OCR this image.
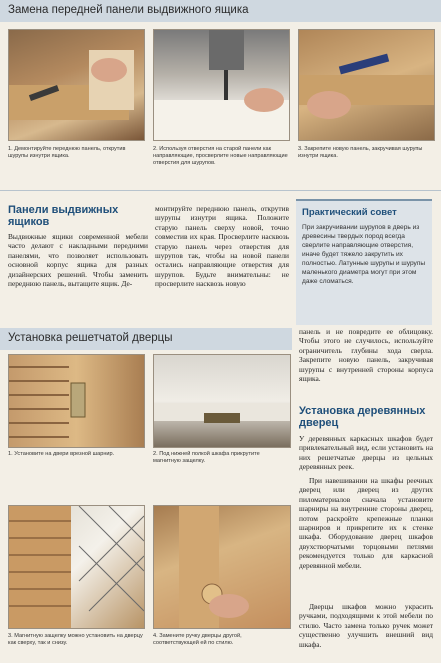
Замена передней панели выдвижного ящика
1. Демонтируйте переднюю панель, открутив шурупы изнутри ящика.
2. Используя отверстия на старой панели как направляющие, просверлите новые направляющие отверстия для шурупов.
3. Закрепите новую панель, закручивая шурупы изнутри ящика.
Панели выдвижных ящиков
Выдвижные ящики современной мебели часто делают с накладными передними панелями, что позволяет использовать основной корпус ящика для разных дизайнерских решений. Чтобы заменить переднюю панель, вытащите ящик. Де-
монтируйте переднюю панель, открутив шурупы изнутри ящика. Положите старую панель сверху новой, точно совместив их края. Просверлите насквозь старую панель через отверстия для шурупов так, чтобы на новой панели остались направляющие отверстия для шурупов. Будьте внимательны: не просверлите насквозь новую
Практический совет
При закручивании шурупов в дверь из древесины твердых пород всегда сверлите направляющие отверстия, иначе будет тяжело закрутить их полностью. Латунные шурупы и шурупы маленького диаметра могут при этом даже сломаться.
Установка решетчатой дверцы
1. Установите на двери врезной шарнир.	2. Под нижней полкой шкафа прикрутите магнитную защелку.
3. Магнитную защелку можно установить на дверцу как сверху, так и снизу.
4. Замените ручку дверцы другой, соответствующей ей по стилю.
панель и не повредите ее облицовку. Чтобы этого не случилось, используйте ограничитель глубины хода сверла. Закрепите новую панель, закручивая шурупы с внутренней стороны корпуса ящика.
Установка деревянных дверец
У деревянных каркасных шкафов будет привлекательный вид, если установить на них решетчатые дверцы из цельных деревянных реек.
При навешивании на шкафы реечных дверец или дверец из других пиломатериалов сначала установите шарниры на внутренние стороны дверец, потом раскройте крепежные планки шарниров и прикрепите их к стенке шкафа. Оборудование дверец шкафов двухстворчатыми торцовыми петлями рекомендуется только для каркасной деревянной мебели.
Дверцы шкафов можно украсить ручками, подходящими к этой мебели по стилю. Часто замена только ручек может существенно улучшить внешний вид шкафа.
